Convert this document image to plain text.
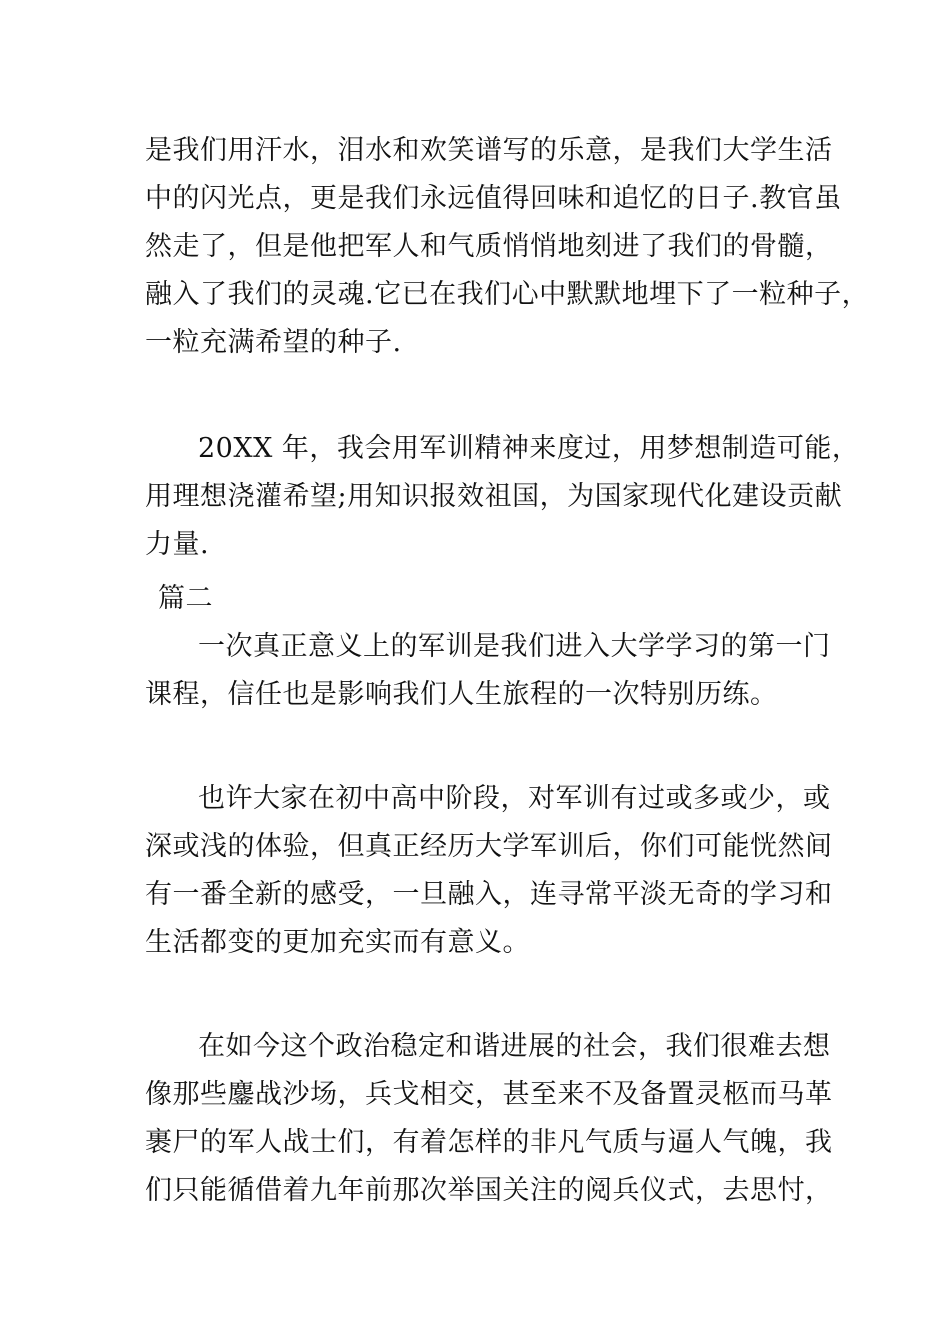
是我们用汗水，泪水和欢笑谱写的乐意，是我们大学生活
中的闪光点，更是我们永远值得回味和追忆的日子.教官虽
然走了，但是他把军人和气质悄悄地刻进了我们的骨髓，
融入了我们的灵魂.它已在我们心中默默地埋下了一粒种子，
一粒充满希望的种子.
20XX 年，我会用军训精神来度过，用梦想制造可能，
用理想浇灌希望;用知识报效祖国，为国家现代化建设贡献
力量.
篇二
一次真正意义上的军训是我们进入大学学习的第一门
课程，信任也是影响我们人生旅程的一次特别历练。
也许大家在初中高中阶段，对军训有过或多或少，或
深或浅的体验，但真正经历大学军训后，你们可能恍然间
有一番全新的感受，一旦融入，连寻常平淡无奇的学习和
生活都变的更加充实而有意义。
在如今这个政治稳定和谐进展的社会，我们很难去想
像那些鏖战沙场，兵戈相交，甚至来不及备置灵柩而马革
裹尸的军人战士们，有着怎样的非凡气质与逼人气魄，我
们只能循借着九年前那次举国关注的阅兵仪式，去思忖，
